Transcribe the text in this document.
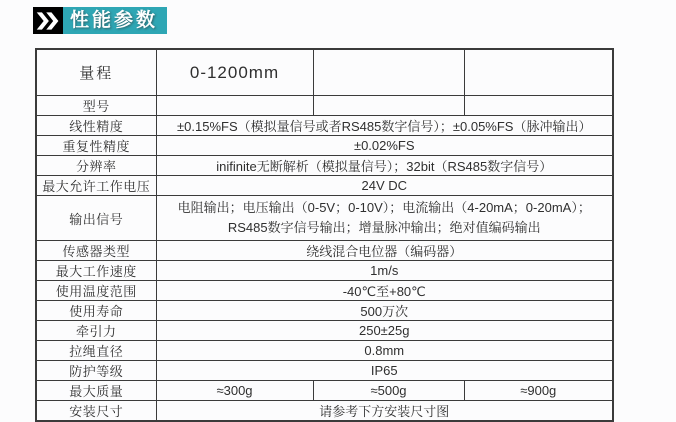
性能参数
量程	0-1200mm		
型号			
线性精度	±0.15%FS（模拟量信号或者RS485数字信号）；±0.05%FS（脉冲输出）		
重复性精度	±0.02%FS		
分辨率	inifinite无断解析（模拟量信号）；32bit（RS485数字信号）		
最大允许工作电压	24V DC		
输出信号	电阻输出；电压输出（0-5V；0-10V）；电流输出（4-20mA；0-20mA）；
RS485数字信号输出；增量脉冲输出；绝对值编码输出		

传感器类型	绕线混合电位器（编码器）		
最大工作速度	1m/s		
使用温度范围	-40℃至+80℃		
使用寿命	500万次		
牵引力	250±25g		
拉绳直径	0.8mm		
防护等级	IP65		
最大质量	≈300g	≈500g	≈900g
安装尺寸	请参考下方安装尺寸图		
